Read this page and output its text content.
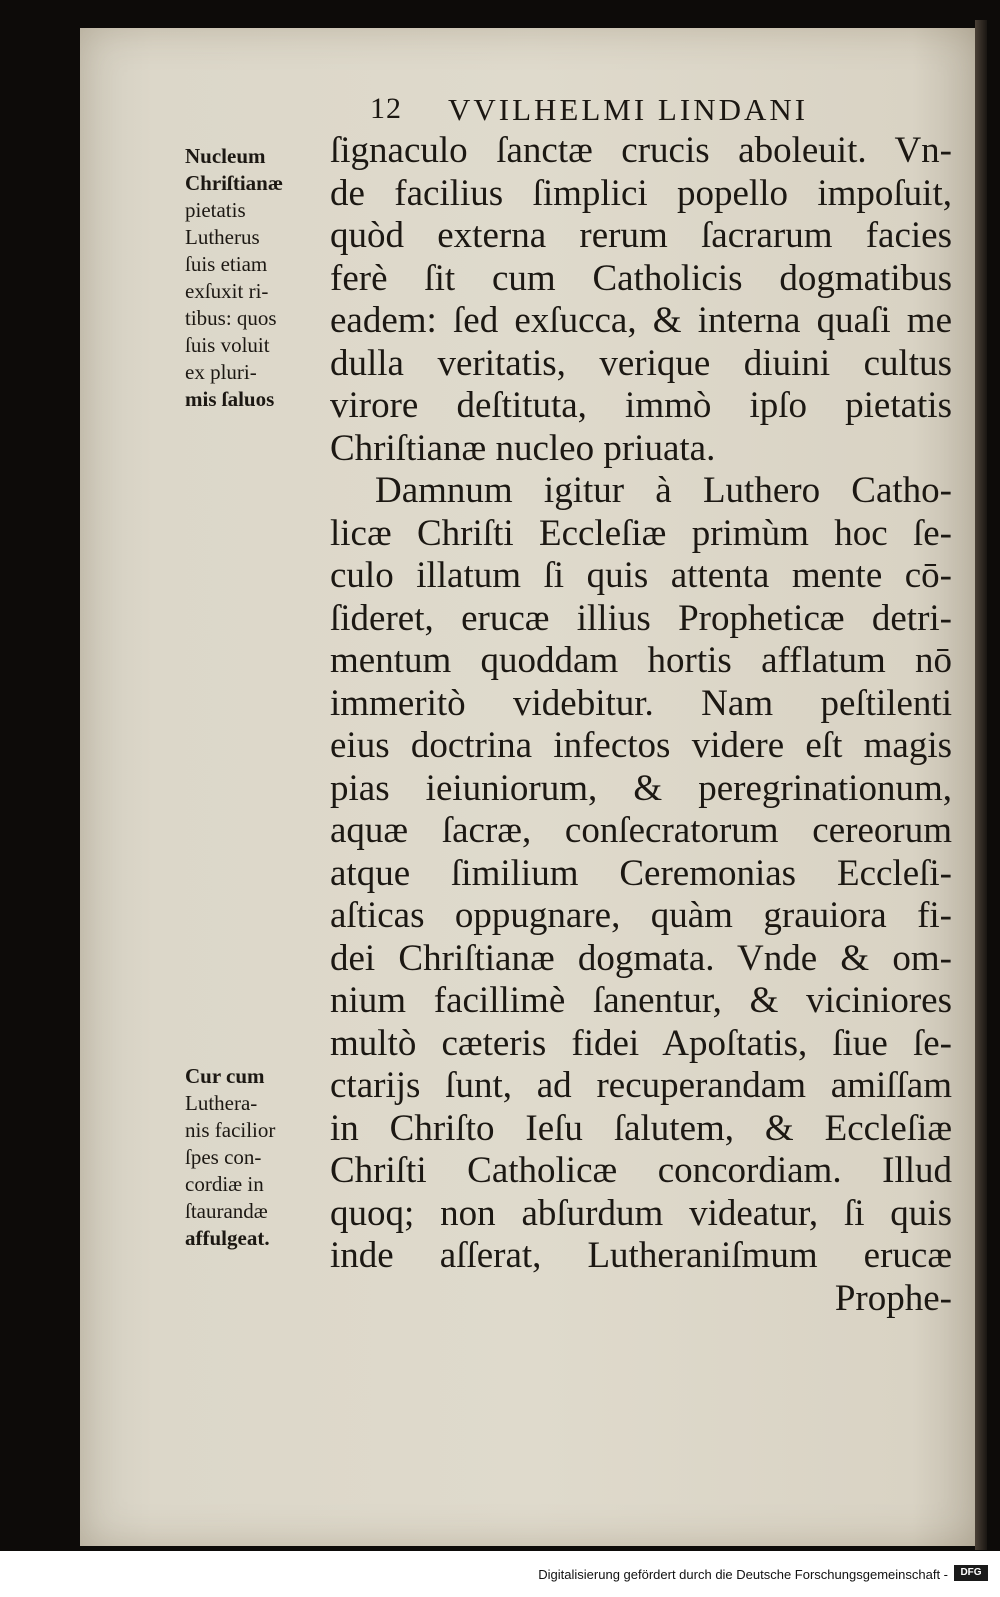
12 VVILHELMI LINDANI
ſignaculo ſanctæ crucis aboleuit. Vn-
de facilius ſimplici popello impoſuit,
quòd externa rerum ſacrarum facies
ferè ſit cum Catholicis dogmatibus
eadem: ſed exſucca, & interna quaſi me
dulla veritatis, verique diuini cultus
virore deſtituta, immò ipſo pietatis
Chriſtianæ nucleo priuata.
Damnum igitur à Luthero Catho-
licæ Chriſti Eccleſiæ primùm hoc ſe-
culo illatum ſi quis attenta mente cō-
ſideret, erucæ illius Propheticæ detri-
mentum quoddam hortis afflatum nō
immeritò videbitur. Nam peſtilenti
eius doctrina infectos videre eſt magis
pias ieiuniorum, & peregrinationum,
aquæ ſacræ, conſecratorum cereorum
atque ſimilium Ceremonias Eccleſi-
aſticas oppugnare, quàm grauiora fi-
dei Chriſtianæ dogmata. Vnde & om-
nium facillimè ſanentur, & viciniores
multò cæteris fidei Apoſtatis, ſiue ſe-
ctarijs ſunt, ad recuperandam amiſſam
in Chriſto Ieſu ſalutem, & Eccleſiæ
Chriſti Catholicæ concordiam. Illud
quoq; non abſurdum videatur, ſi quis
inde aſſerat, Lutheraniſmum erucæ
Prophe-
Nucleum
Chriſtianæ
pietatis
Lutherus
ſuis etiam
exſuxit ri-
tibus: quos
ſuis voluit
ex pluri-
mis ſaluos
Cur cum
Luthera-
nis facilior
ſpes con-
cordiæ in
ſtaurandæ
affulgeat.
Digitalisierung gefördert durch die Deutsche Forschungsgemeinschaft -	DFG
